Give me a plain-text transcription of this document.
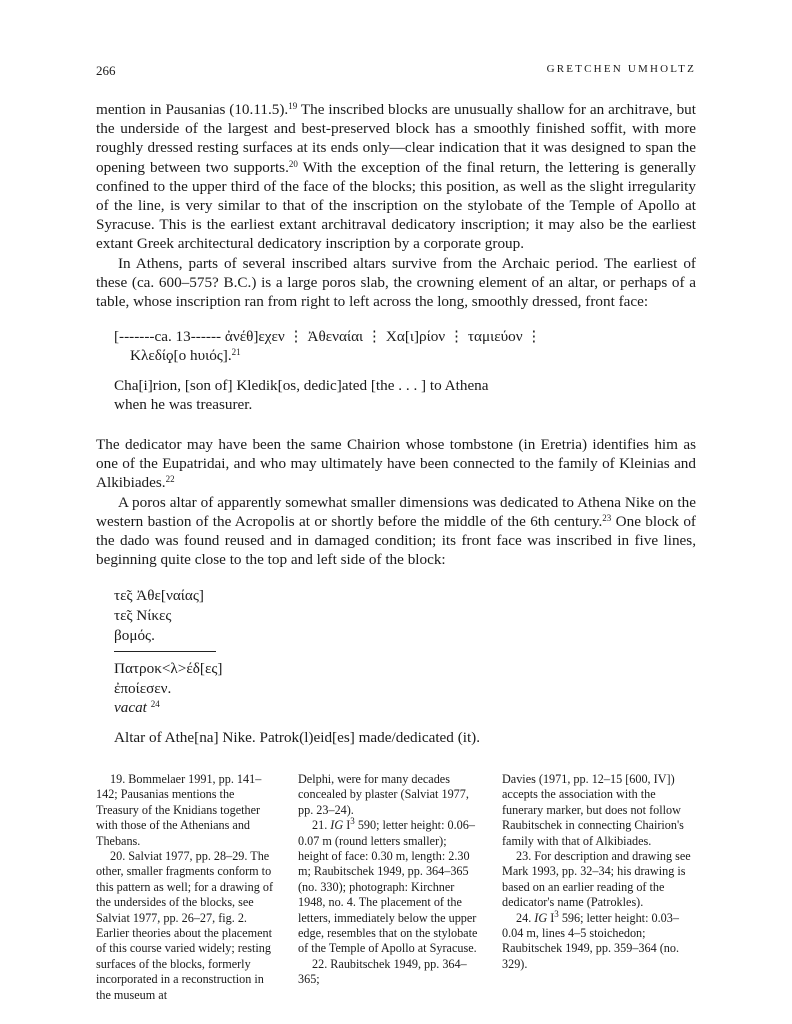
266	GRETCHEN UMHOLTZ

mention in Pausanias (10.11.5).$^{19}$ The inscribed blocks are unusually shallow for an architrave, but the underside of the largest and best-preserved block has a smoothly finished soffit, with more roughly dressed resting surfaces at its ends only—clear indication that it was designed to span the opening between two supports.$^{20}$ With the exception of the final return, the lettering is generally confined to the upper third of the face of the blocks; this position, as well as the slight irregularity of the line, is very similar to that of the inscription on the stylobate of the Temple of Apollo at Syracuse. This is the earliest extant architraval dedicatory inscription; it may also be the earliest extant Greek architectural dedicatory inscription by a corporate group.

In Athens, parts of several inscribed altars survive from the Archaic period. The earliest of these (ca. 600–575? B.C.) is a large poros slab, the crowning element of an altar, or perhaps of a table, whose inscription ran from right to left across the long, smoothly dressed, front face:

[-------ca. 13------ ἀνέθ]εχεν ⋮ Ἀθεναίαι ⋮ Χα[ι]ρίον ⋮ ταμιεύον ⋮
Κλεδίϙ[ο hυιός].$^{21}$
Cha[i]rion, [son of] Kledik[os, dedic]ated [the . . . ] to Athena
when he was treasurer.

The dedicator may have been the same Chairion whose tombstone (in Eretria) identifies him as one of the Eupatridai, and who may ultimately have been connected to the family of Kleinias and Alkibiades.$^{22}$

A poros altar of apparently somewhat smaller dimensions was dedicated to Athena Nike on the western bastion of the Acropolis at or shortly before the middle of the 6th century.$^{23}$ One block of the dado was found reused and in damaged condition; its front face was inscribed in five lines, beginning quite close to the top and left side of the block:

τε̃ς Ἀθε[ναίας]
τε̃ς Νίκες
βομός.
Πατροκ<λ>έδ[ες]
ἐποίεσεν.
vacat $^{24}$
Altar of Athe[na] Nike. Patrok(l)eid[es] made/dedicated (it).

19. Bommelaer 1991, pp. 141–142; Pausanias mentions the Treasury of the Knidians together with those of the Athenians and Thebans.

20. Salviat 1977, pp. 28–29. The other, smaller fragments conform to this pattern as well; for a drawing of the undersides of the blocks, see Salviat 1977, pp. 26–27, fig. 2. Earlier theories about the placement of this course varied widely; resting surfaces of the blocks, formerly incorporated in a reconstruction in the museum at

Delphi, were for many decades concealed by plaster (Salviat 1977, pp. 23–24).

21. IG $I^3$ 590; letter height: 0.06–0.07 m (round letters smaller); height of face: 0.30 m, length: 2.30 m; Raubitschek 1949, pp. 364–365 (no. 330); photograph: Kirchner 1948, no. 4. The placement of the letters, immediately below the upper edge, resembles that on the stylobate of the Temple of Apollo at Syracuse.

22. Raubitschek 1949, pp. 364–365;

Davies (1971, pp. 12–15 [600, IV]) accepts the association with the funerary marker, but does not follow Raubitschek in connecting Chairion's family with that of Alkibiades.

23. For description and drawing see Mark 1993, pp. 32–34; his drawing is based on an earlier reading of the dedicator's name (Patrokles).

24. IG $I^3$ 596; letter height: 0.03–0.04 m, lines 4–5 stoichedon; Raubitschek 1949, pp. 359–364 (no. 329).
